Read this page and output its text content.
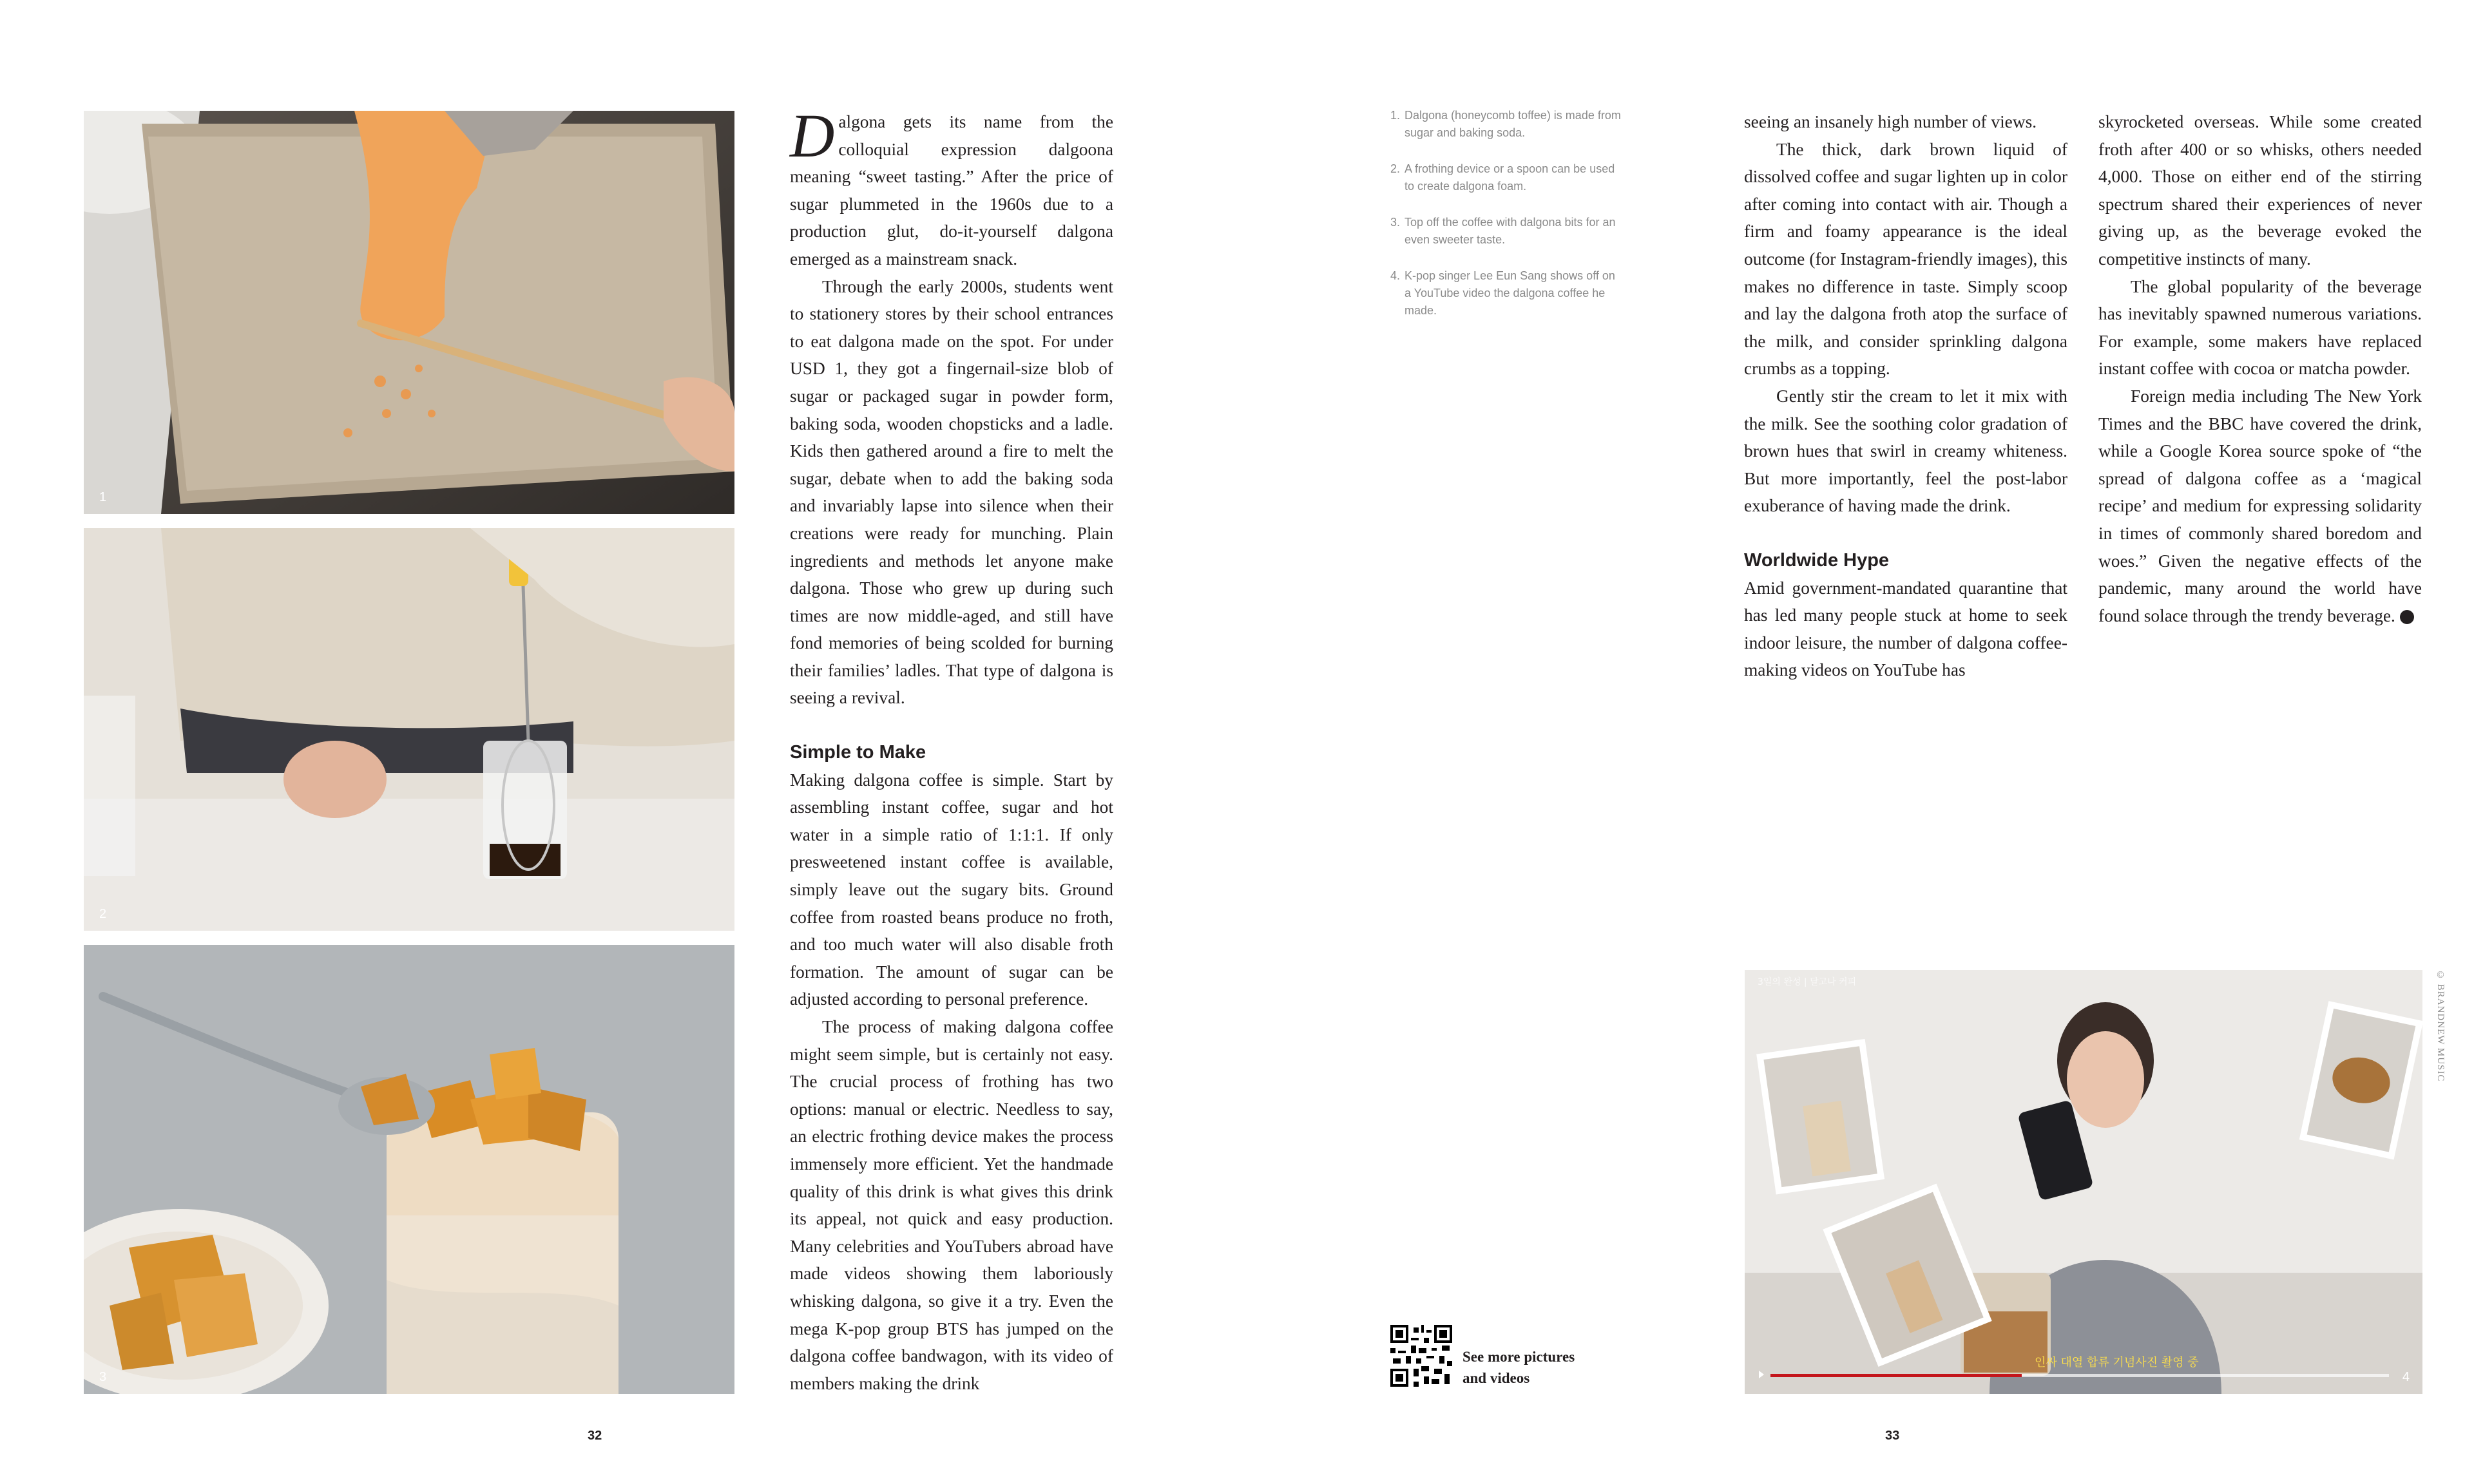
1
2
3
3일의 완성 | 달고나 커피
인싸 대열 합류 기념사진 촬영 중
4
© BRANDNEW MUSIC

Dalgona gets its name from the colloquial expression dalgoona meaning “sweet tasting.” After the price of sugar plummeted in the 1960s due to a production glut, do-it-yourself dalgona emerged as a mainstream snack.

Through the early 2000s, students went to stationery stores by their school entrances to eat dalgona made on the spot. For under USD 1, they got a fingernail-size blob of sugar or packaged sugar in powder form, baking soda, wooden chopsticks and a ladle. Kids then gathered around a fire to melt the sugar, debate when to add the baking soda and invariably lapse into silence when their creations were ready for munching. Plain ingredients and methods let anyone make dalgona. Those who grew up during such times are now middle-aged, and still have fond memories of being scolded for burning their families’ ladles. That type of dalgona is seeing a revival.

Simple to Make

Making dalgona coffee is simple. Start by assembling instant coffee, sugar and hot water in a simple ratio of 1:1:1. If only presweetened instant coffee is available, simply leave out the sugary bits. Ground coffee from roasted beans produce no froth, and too much water will also disable froth formation. The amount of sugar can be adjusted according to personal preference.

The process of making dalgona coffee might seem simple, but is certainly not easy. The crucial process of frothing has two options: manual or electric. Needless to say, an electric frothing device makes the process immensely more efficient. Yet the handmade quality of this drink is what gives this drink its appeal, not quick and easy production. Many celebrities and YouTubers abroad have made videos showing them laboriously whisking dalgona, so give it a try. Even the mega K-pop group BTS has jumped on the dalgona coffee bandwagon, with its video of members making the drink

1. Dalgona (honeycomb toffee) is made from sugar and baking soda.
2. A frothing device or a spoon can be used to create dalgona foam.
3. Top off the coffee with dalgona bits for an even sweeter taste.
4. K-pop singer Lee Eun Sang shows off on a YouTube video the dalgona coffee he made.

seeing an insanely high number of views.

The thick, dark brown liquid of dissolved coffee and sugar lighten up in color after coming into contact with air. Though a firm and foamy appearance is the ideal outcome (for Instagram-friendly images), this makes no difference in taste. Simply scoop and lay the dalgona froth atop the surface of the milk, and consider sprinkling dalgona crumbs as a topping.

Gently stir the cream to let it mix with the milk. See the soothing color gradation of brown hues that swirl in creamy whiteness. But more importantly, feel the post-labor exuberance of having made the drink.

Worldwide Hype

Amid government-mandated quarantine that has led many people stuck at home to seek indoor leisure, the number of dalgona coffee-making videos on YouTube has

skyrocketed overseas. While some created froth after 400 or so whisks, others needed 4,000. Those on either end of the stirring spectrum shared their experiences of never giving up, as the beverage evoked the competitive instincts of many.

The global popularity of the beverage has inevitably spawned numerous variations. For example, some makers have replaced instant coffee with cocoa or matcha powder.

Foreign media including The New York Times and the BBC have covered the drink, while a Google Korea source spoke of “the spread of dalgona coffee as a ‘magical recipe’ and medium for expressing solidarity in times of commonly shared boredom and woes.” Given the negative effects of the pandemic, many around the world have found solace through the trendy beverage.	❖

See more pictures
and videos
32	33
